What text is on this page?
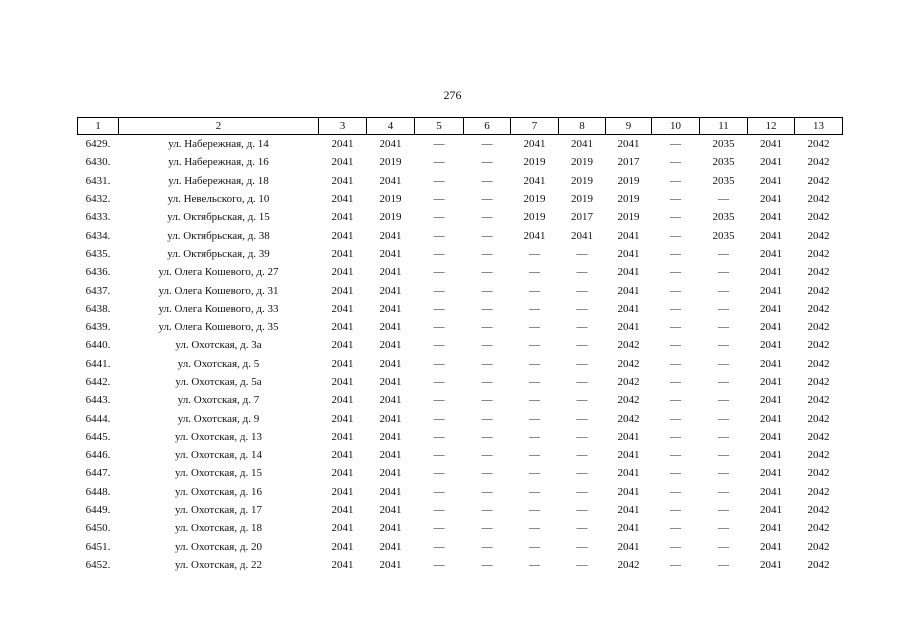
276
1	2	3	4	5	6	7	8	9	10	11	12	13
6429.	ул. Набережная, д. 14	2041	2041	—	—	2041	2041	2041	—	2035	2041	2042
6430.	ул. Набережная, д. 16	2041	2019	—	—	2019	2019	2017	—	2035	2041	2042
6431.	ул. Набережная, д. 18	2041	2041	—	—	2041	2019	2019	—	2035	2041	2042
6432.	ул. Невельского, д. 10	2041	2019	—	—	2019	2019	2019	—	—	2041	2042
6433.	ул. Октябрьская, д. 15	2041	2019	—	—	2019	2017	2019	—	2035	2041	2042
6434.	ул. Октябрьская, д. 38	2041	2041	—	—	2041	2041	2041	—	2035	2041	2042
6435.	ул. Октябрьская, д. 39	2041	2041	—	—	—	—	2041	—	—	2041	2042
6436.	ул. Олега Кошевого, д. 27	2041	2041	—	—	—	—	2041	—	—	2041	2042
6437.	ул. Олега Кошевого, д. 31	2041	2041	—	—	—	—	2041	—	—	2041	2042
6438.	ул. Олега Кошевого, д. 33	2041	2041	—	—	—	—	2041	—	—	2041	2042
6439.	ул. Олега Кошевого, д. 35	2041	2041	—	—	—	—	2041	—	—	2041	2042
6440.	ул. Охотская, д. 3а	2041	2041	—	—	—	—	2042	—	—	2041	2042
6441.	ул. Охотская, д. 5	2041	2041	—	—	—	—	2042	—	—	2041	2042
6442.	ул. Охотская, д. 5а	2041	2041	—	—	—	—	2042	—	—	2041	2042
6443.	ул. Охотская, д. 7	2041	2041	—	—	—	—	2042	—	—	2041	2042
6444.	ул. Охотская, д. 9	2041	2041	—	—	—	—	2042	—	—	2041	2042
6445.	ул. Охотская, д. 13	2041	2041	—	—	—	—	2041	—	—	2041	2042
6446.	ул. Охотская, д. 14	2041	2041	—	—	—	—	2041	—	—	2041	2042
6447.	ул. Охотская, д. 15	2041	2041	—	—	—	—	2041	—	—	2041	2042
6448.	ул. Охотская, д. 16	2041	2041	—	—	—	—	2041	—	—	2041	2042
6449.	ул. Охотская, д. 17	2041	2041	—	—	—	—	2041	—	—	2041	2042
6450.	ул. Охотская, д. 18	2041	2041	—	—	—	—	2041	—	—	2041	2042
6451.	ул. Охотская, д. 20	2041	2041	—	—	—	—	2041	—	—	2041	2042
6452.	ул. Охотская, д. 22	2041	2041	—	—	—	—	2042	—	—	2041	2042
